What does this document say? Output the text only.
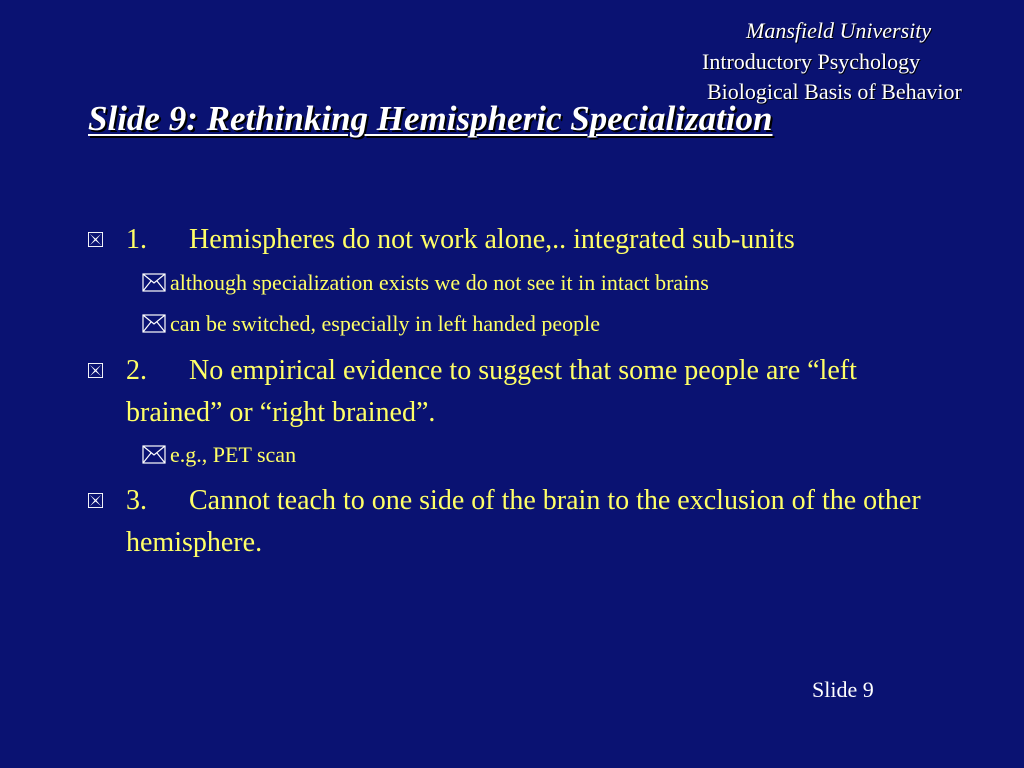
Mansfield University
Introductory Psychology
Biological Basis of Behavior
Slide 9: Rethinking Hemispheric Specialization
1. Hemispheres do not work alone,.. integrated sub-units
although specialization exists we do not see it in intact brains
can be switched, especially in left handed people
2. No empirical evidence to suggest that some people are “left brained” or “right brained”.
e.g., PET scan
3. Cannot teach to one side of the brain to the exclusion of the other hemisphere.
Slide 9
